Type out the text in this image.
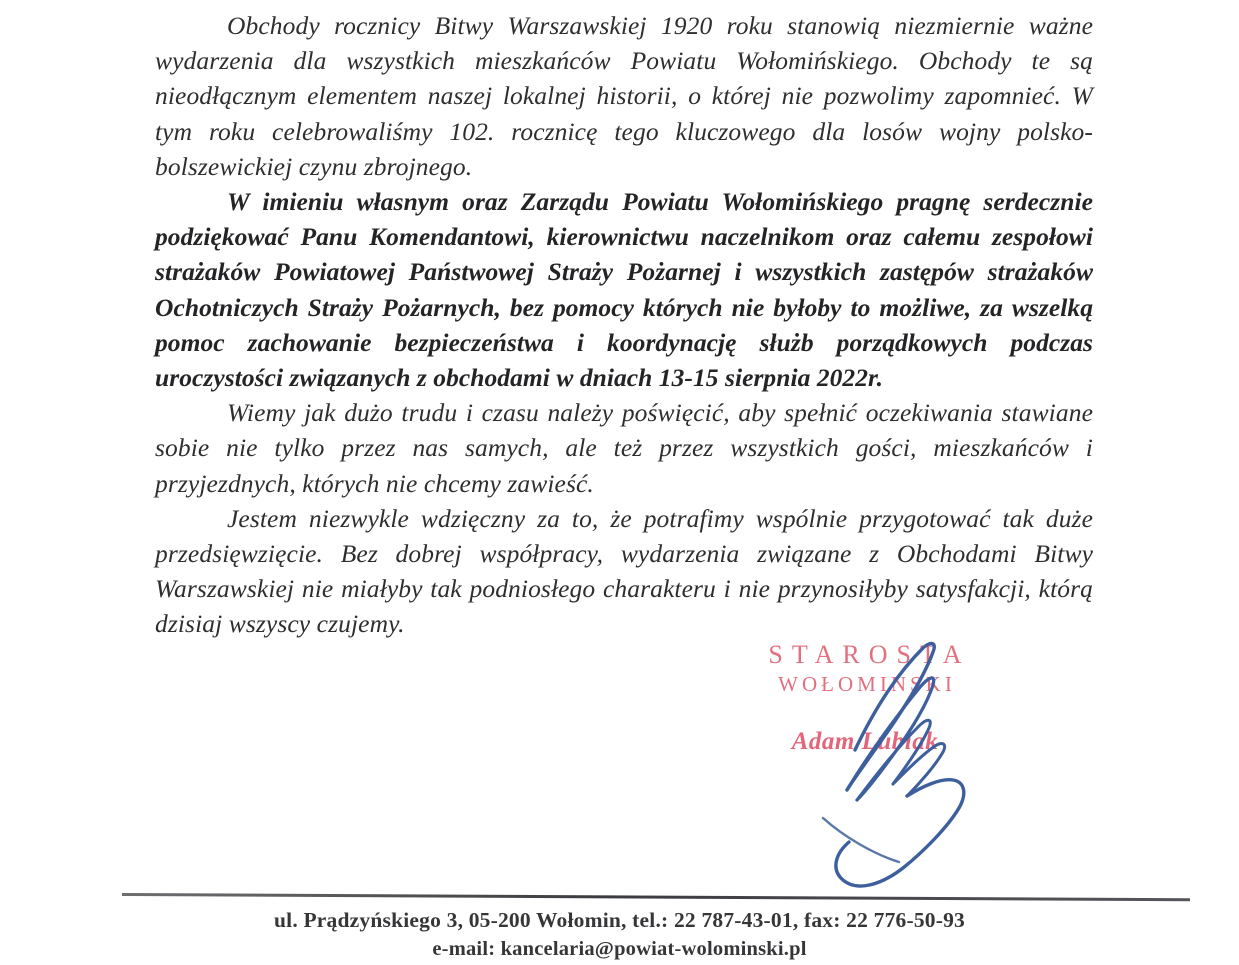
Obchody rocznicy Bitwy Warszawskiej 1920 roku stanowią niezmiernie ważne wydarzenia dla wszystkich mieszkańców Powiatu Wołomińskiego. Obchody te są nieodłącznym elementem naszej lokalnej historii, o której nie pozwolimy zapomnieć. W tym roku celebrowaliśmy 102. rocznicę tego kluczowego dla losów wojny polsko-bolszewickiej czynu zbrojnego.

W imieniu własnym oraz Zarządu Powiatu Wołomińskiego pragnę serdecznie podziękować Panu Komendantowi, kierownictwu naczelnikom oraz całemu zespołowi strażaków Powiatowej Państwowej Straży Pożarnej i wszystkich zastępów strażaków Ochotniczych Straży Pożarnych, bez pomocy których nie byłoby to możliwe, za wszelką pomoc zachowanie bezpieczeństwa i koordynację służb porządkowych podczas uroczystości związanych z obchodami w dniach 13-15 sierpnia 2022r.

Wiemy jak dużo trudu i czasu należy poświęcić, aby spełnić oczekiwania stawiane sobie nie tylko przez nas samych, ale też przez wszystkich gości, mieszkańców i przyjezdnych, których nie chcemy zawieść.

Jestem niezwykle wdzięczny za to, że potrafimy wspólnie przygotować tak duże przedsięwzięcie. Bez dobrej współpracy, wydarzenia związane z Obchodami Bitwy Warszawskiej nie miałyby tak podniosłego charakteru i nie przynosiłyby satysfakcji, którą dzisiaj wszyscy czujemy.

STAROSTA
WOŁOMIŃSKI
Adam Lubiak
ul. Prądzyńskiego 3, 05-200 Wołomin, tel.: 22 787-43-01, fax: 22 776-50-93
e-mail: kancelaria@powiat-wolominski.pl
